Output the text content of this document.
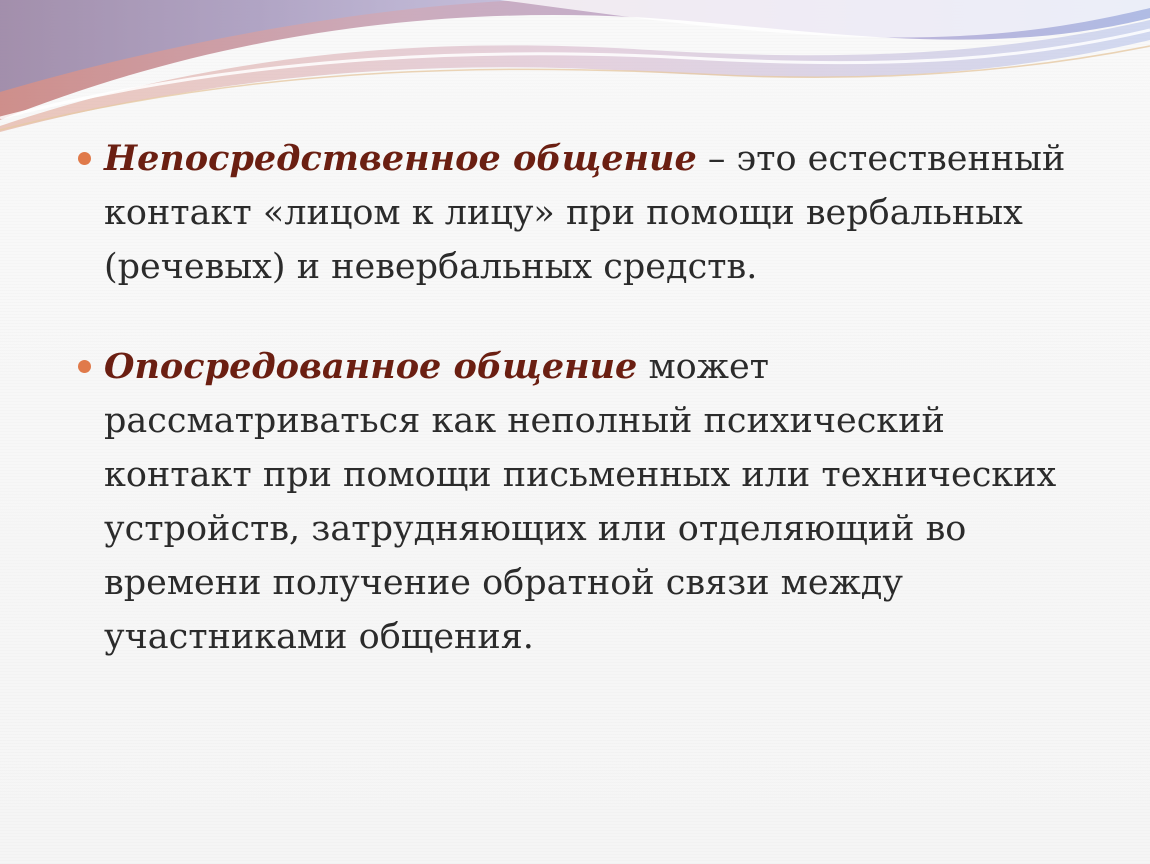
Непосредственное общение – это естественный контакт «лицом к лицу» при помощи вербальных (речевых) и невербальных средств.
Опосредованное общение может рассматриваться как неполный психический контакт при помощи письменных или технических устройств, затрудняющих или отделяющий во времени получение обратной связи между участниками общения.
